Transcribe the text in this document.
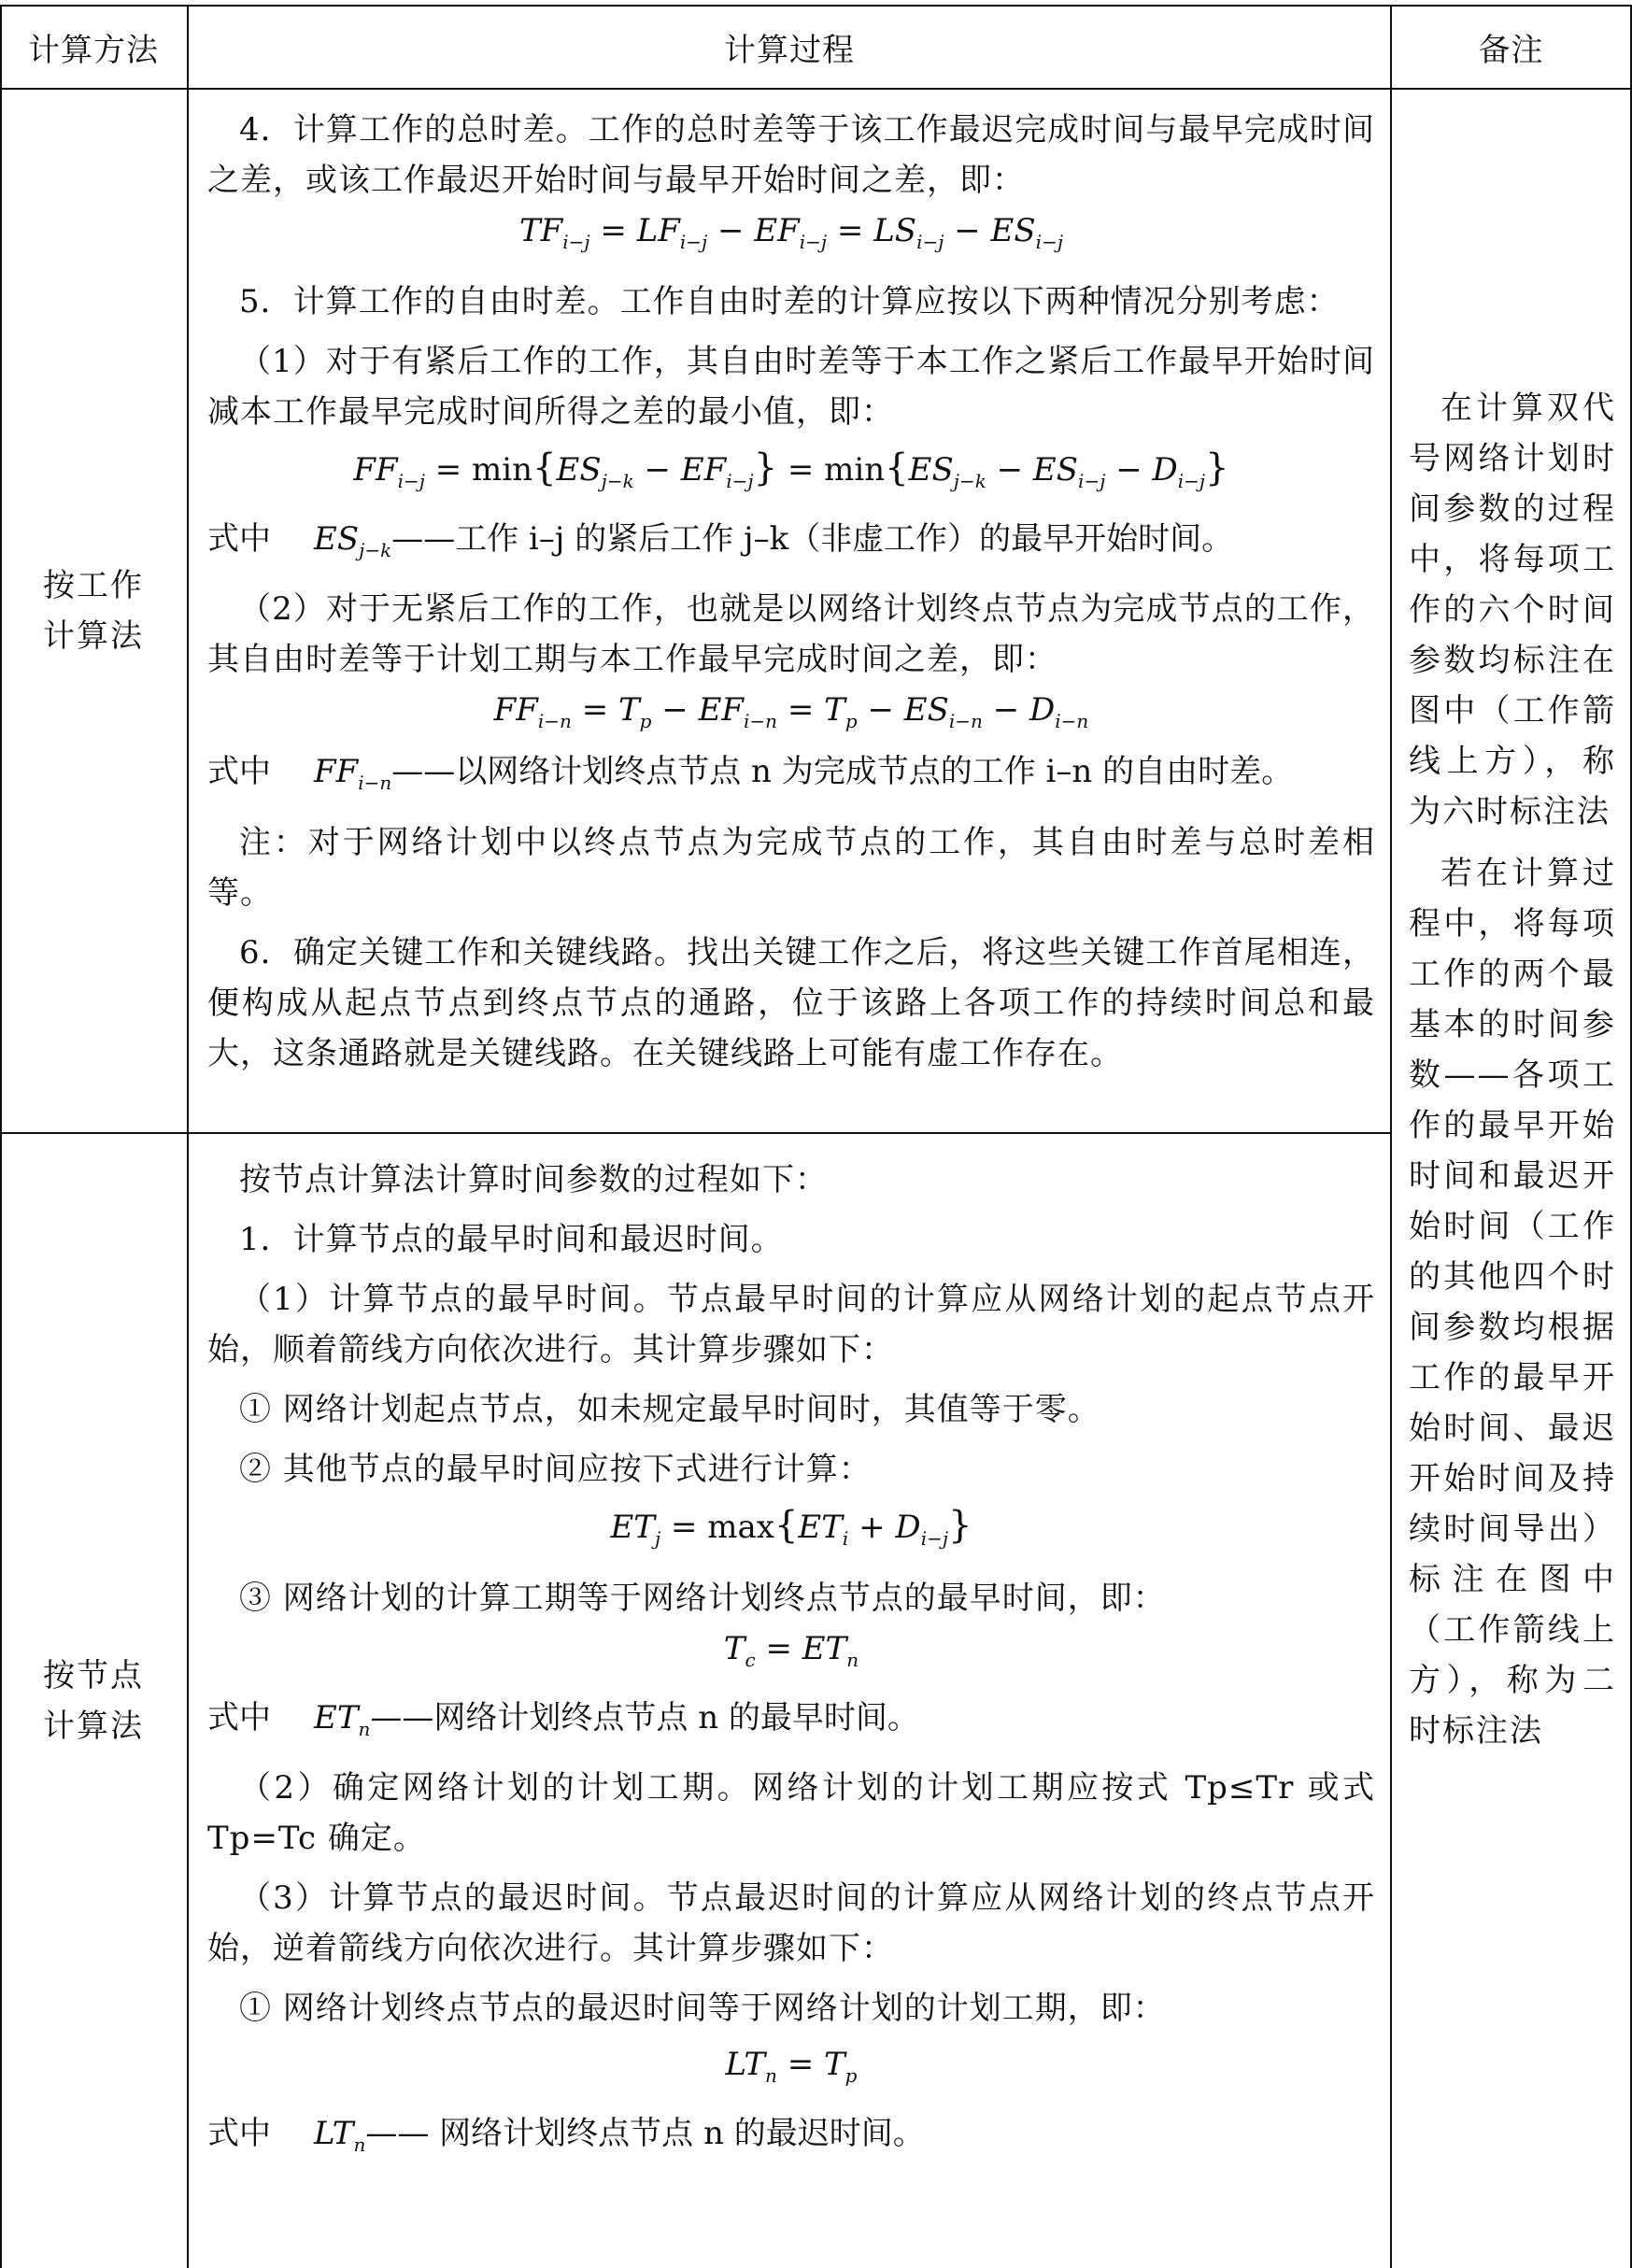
计算方法	计算过程	备注
按工作计算法
按节点计算法
4．计算工作的总时差。工作的总时差等于该工作最迟完成时间与最早完成时间之差，或该工作最迟开始时间与最早开始时间之差，即：
$TF_{i-j} = LF_{i-j} - EF_{i-j} = LS_{i-j} - ES_{i-j}$
5．计算工作的自由时差。工作自由时差的计算应按以下两种情况分别考虑：
（1）对于有紧后工作的工作，其自由时差等于本工作之紧后工作最早开始时间减本工作最早完成时间所得之差的最小值，即：
$FF_{i-j} = \min\{ES_{j-k} - EF_{i-j}\} = \min\{ES_{j-k} - ES_{i-j} - D_{i-j}\}$
式中 $ES_{j-k}——$工作 i–j 的紧后工作 j–k（非虚工作）的最早开始时间。
（2）对于无紧后工作的工作，也就是以网络计划终点节点为完成节点的工作，其自由时差等于计划工期与本工作最早完成时间之差，即：
$FF_{i-n} = T_p - EF_{i-n} = T_p - ES_{i-n} - D_{i-n}$
式中 $FF_{i-n}——$以网络计划终点节点 n 为完成节点的工作 i–n 的自由时差。
注：对于网络计划中以终点节点为完成节点的工作，其自由时差与总时差相等。
6．确定关键工作和关键线路。找出关键工作之后，将这些关键工作首尾相连，便构成从起点节点到终点节点的通路，位于该路上各项工作的持续时间总和最大，这条通路就是关键线路。在关键线路上可能有虚工作存在。
按节点计算法计算时间参数的过程如下：
1．计算节点的最早时间和最迟时间。
（1）计算节点的最早时间。节点最早时间的计算应从网络计划的起点节点开始，顺着箭线方向依次进行。其计算步骤如下：
① 网络计划起点节点，如未规定最早时间时，其值等于零。
② 其他节点的最早时间应按下式进行计算：
$ET_j = \max\{ET_i + D_{i-j}\}$
③ 网络计划的计算工期等于网络计划终点节点的最早时间，即：
$T_c = ET_n$
式中 $ET_n——$网络计划终点节点 n 的最早时间。
（2）确定网络计划的计划工期。网络计划的计划工期应按式 Tp≤Tr 或式 Tp=Tc 确定。
（3）计算节点的最迟时间。节点最迟时间的计算应从网络计划的终点节点开始，逆着箭线方向依次进行。其计算步骤如下：
① 网络计划终点节点的最迟时间等于网络计划的计划工期，即：
$LT_n = T_p$
式中 $LT_n——$ 网络计划终点节点 n 的最迟时间。
在计算双代号网络计划时间参数的过程中，将每项工作的六个时间参数均标注在图中（工作箭线上方），称为六时标注法
若在计算过程中，将每项工作的两个最基本的时间参数——各项工作的最早开始时间和最迟开始时间（工作的其他四个时间参数均根据工作的最早开始时间、最迟开始时间及持续时间导出）标注在图中（工作箭线上方），称为二时标注法
